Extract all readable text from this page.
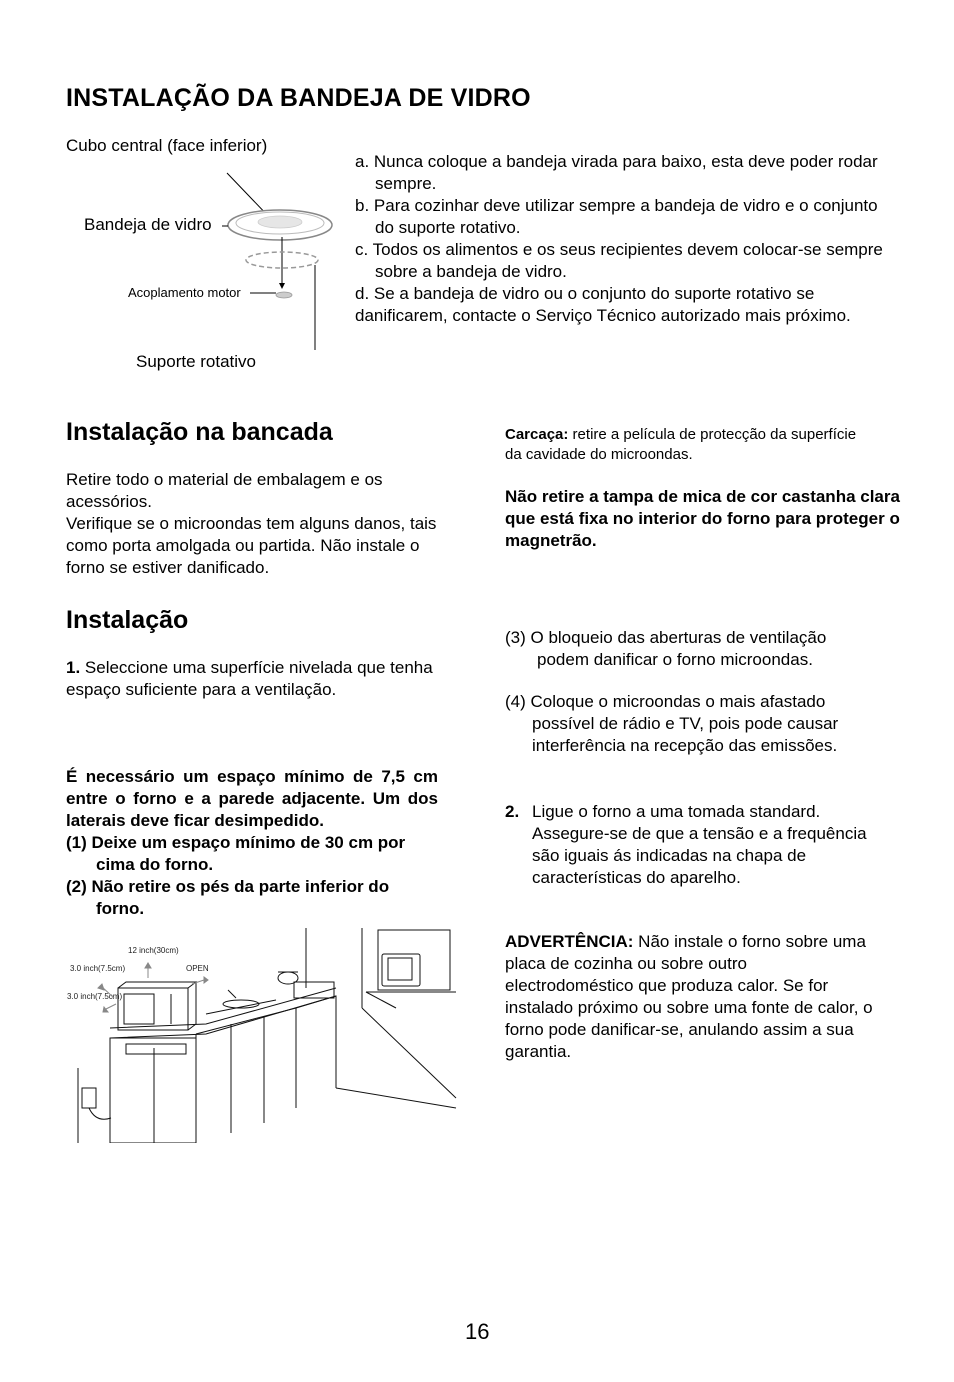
INSTALAÇÃO DA BANDEJA DE VIDRO
Cubo central (face inferior)
Bandeja de vidro
Acoplamento motor
Suporte rotativo

a. Nunca coloque a bandeja virada para baixo, esta deve poder rodar sempre.

b. Para cozinhar deve utilizar sempre a bandeja de vidro e o conjunto do suporte rotativo.

c. Todos os alimentos e os seus recipientes devem colocar-se sempre sobre a bandeja de vidro.

d. Se a bandeja de vidro ou o conjunto do suporte rotativo se danificarem, contacte o Serviço Técnico autorizado mais próximo.

Instalação na bancada

Retire todo o material de embalagem e os acessórios.

Verifique se o microondas tem alguns danos, tais como porta amolgada ou partida. Não instale o forno se estiver danificado.

Carcaça: retire a película de protecção da superfície da cavidade do microondas.
Não retire a tampa de mica de cor castanha clara que está fixa no interior do forno para proteger o magnetrão.
Instalação
1. Seleccione uma superfície nivelada que tenha espaço suficiente para a ventilação.
É necessário um espaço mínimo de 7,5 cm entre o forno e a parede adjacente. Um dos laterais deve ficar desimpedido.

(1) Deixe um espaço mínimo de 30 cm por cima do forno.

(2) Não retire os pés da parte inferior do forno.

(3) O bloqueio das aberturas de ventilação podem danificar o forno microondas.

(4) Coloque o microondas o mais afastado possível de rádio e TV, pois pode causar interferência na recepção das emissões.

2. Ligue o forno a uma tomada standard. Assegure-se de que a tensão e a frequência são iguais ás indicadas na chapa de características do aparelho.

ADVERTÊNCIA: Não instale o forno sobre uma placa de cozinha ou sobre outro electrodoméstico que produza calor. Se for instalado próximo ou sobre uma fonte de calor, o forno pode danificar-se, anulando assim a sua garantia.
12 inch(30cm)
3.0 inch(7.5cm)
3.0 inch(7.5cm)
OPEN
16
